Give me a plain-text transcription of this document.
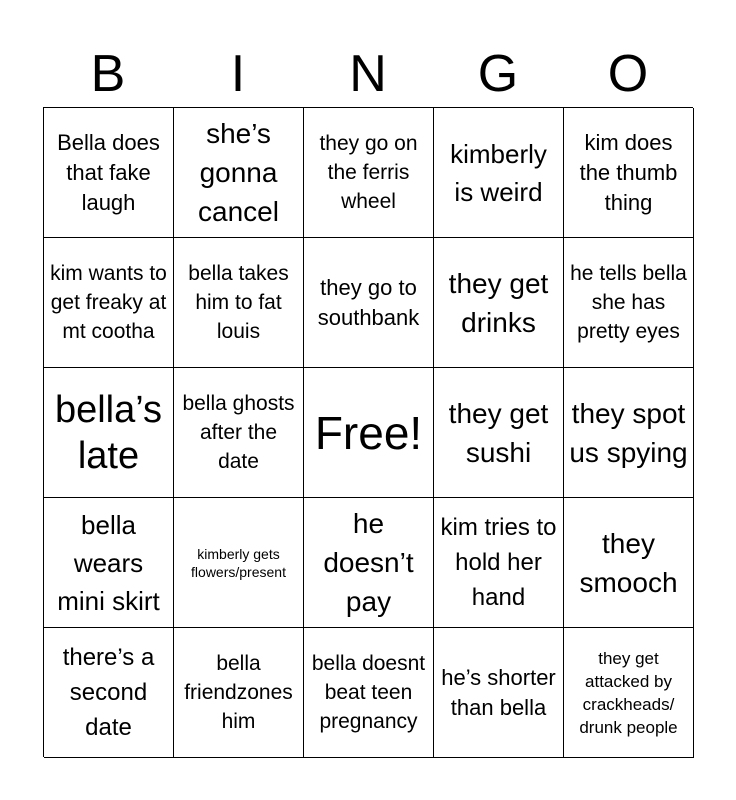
B	I	N	G	O
Bella does that fake laugh
she’s gonna cancel
they go on the ferris wheel
kimberly is weird
kim does the thumb thing
kim wants to get freaky at mt cootha
bella takes him to fat louis
they go to southbank
they get drinks
he tells bella she has pretty eyes
bella’s late
bella ghosts after the date
Free! they get sushi
they spot us spying
bella wears mini skirt
kimberly gets flowers/present
he doesn’t pay
kim tries to hold her hand
they smooch
there’s a second date
bella friendzones him
bella doesnt beat teen pregnancy
he’s shorter than bella
they get attacked by crackheads/ drunk people
